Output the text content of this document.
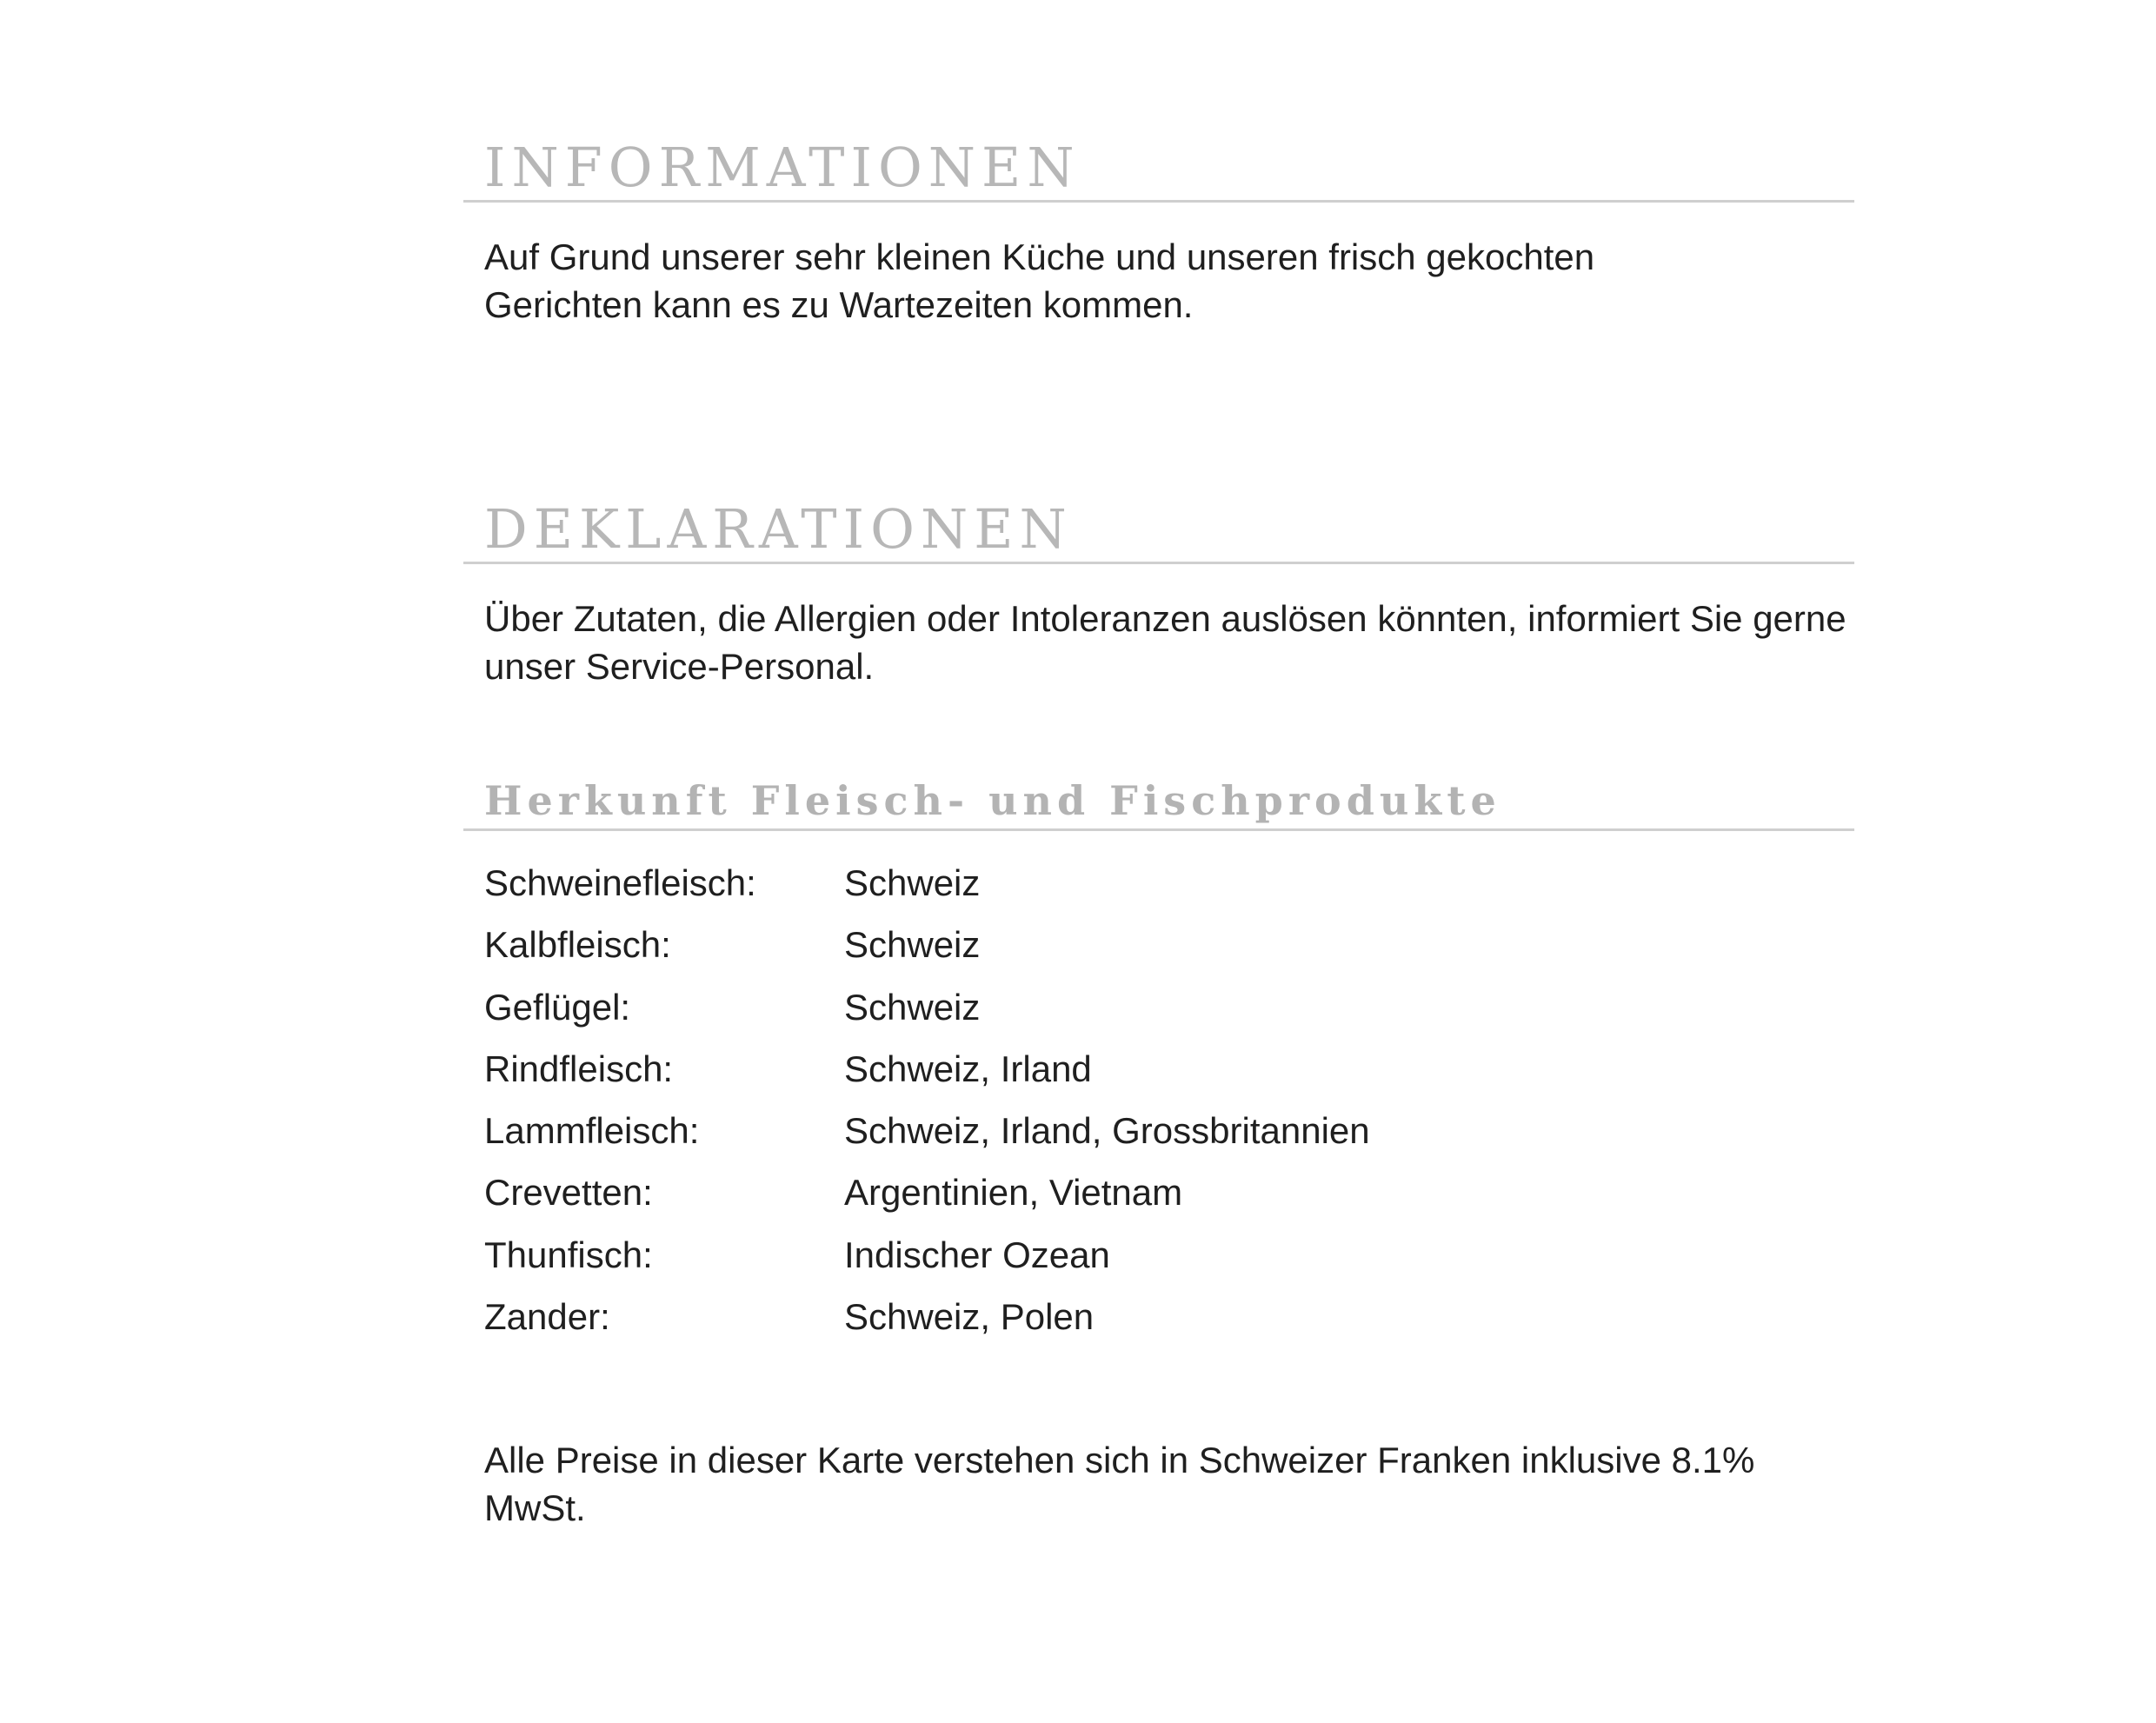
INFORMATIONEN

Auf Grund unserer sehr kleinen Küche und unseren frisch gekochten Gerichten kann es zu Wartezeiten kommen.

DEKLARATIONEN

Über Zutaten, die Allergien oder Intoleranzen auslösen könnten, informiert Sie gerne unser Service-Personal.

Herkunft Fleisch- und Fischprodukte
Schweinefleisch:	Schweiz
Kalbfleisch:	Schweiz
Geflügel:	Schweiz
Rindfleisch:	Schweiz, Irland
Lammfleisch:	Schweiz, Irland, Grossbritannien
Crevetten:	Argentinien, Vietnam
Thunfisch:	Indischer Ozean
Zander:	Schweiz, Polen

Alle Preise in dieser Karte verstehen sich in Schweizer Franken inklusive 8.1% MwSt.
